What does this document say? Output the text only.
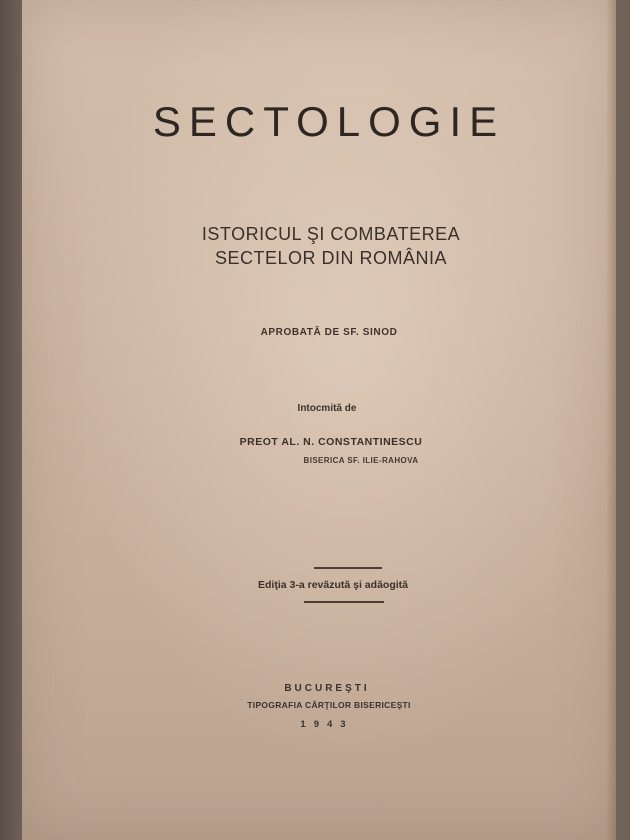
SECTOLOGIE
ISTORICUL ŞI COMBATEREA
SECTELOR DIN ROMÂNIA
APROBATĂ DE SF. SINOD
Intocmită de
PREOT AL. N. CONSTANTINESCU
BISERICA SF. ILIE-RAHOVA
Ediţia 3-a revăzută şi adăogită
BUCUREŞTI
TIPOGRAFIA CĂRŢILOR BISERICEŞTI
1943
